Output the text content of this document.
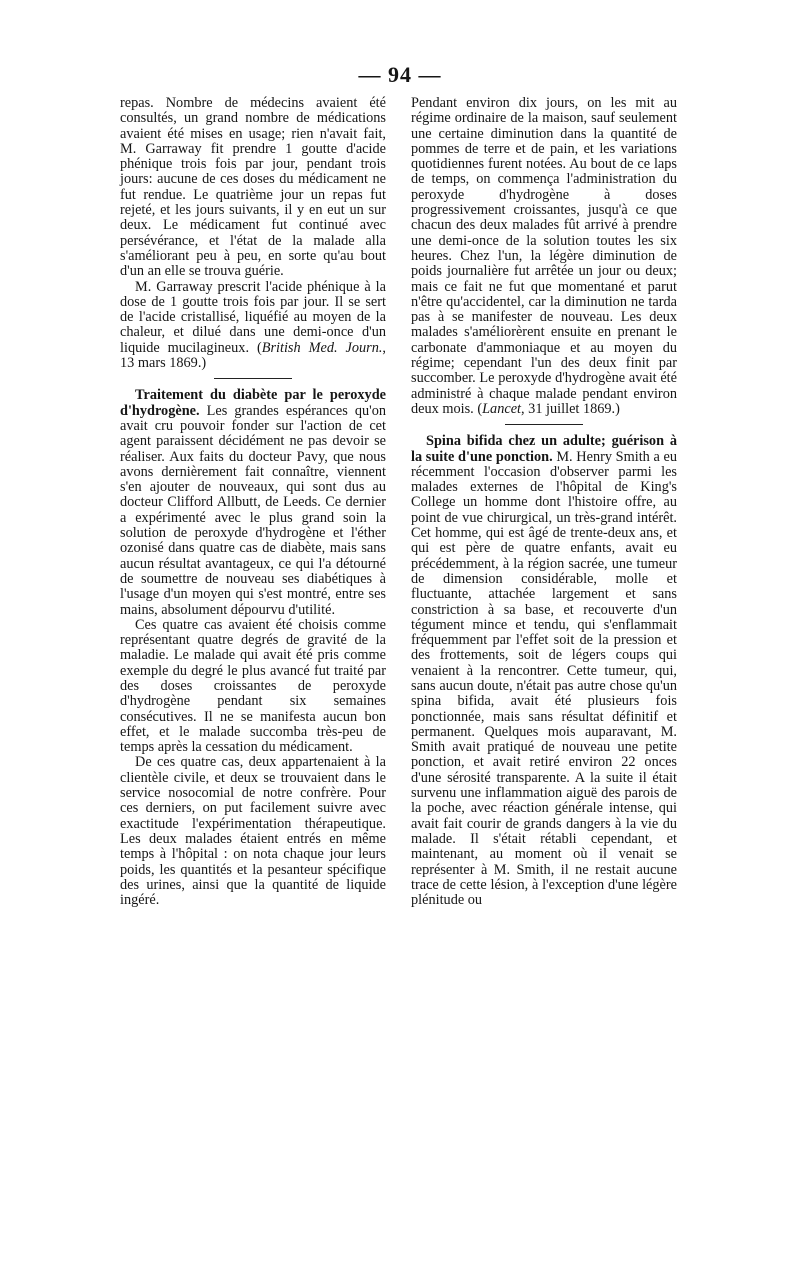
— 94 —

repas. Nombre de médecins avaient été consultés, un grand nombre de médications avaient été mises en usage; rien n'avait fait, M. Garraway fit prendre 1 goutte d'acide phénique trois fois par jour, pendant trois jours: aucune de ces doses du médicament ne fut rendue. Le quatrième jour un repas fut rejeté, et les jours suivants, il y en eut un sur deux. Le médicament fut continué avec persévérance, et l'état de la malade alla s'améliorant peu à peu, en sorte qu'au bout d'un an elle se trouva guérie.

M. Garraway prescrit l'acide phénique à la dose de 1 goutte trois fois par jour. Il se sert de l'acide cristallisé, liquéfié au moyen de la chaleur, et dilué dans une demi-once d'un liquide mucilagineux. (British Med. Journ., 13 mars 1869.)

Traitement du diabète par le peroxyde d'hydrogène. Les grandes espérances qu'on avait cru pouvoir fonder sur l'action de cet agent paraissent décidément ne pas devoir se réaliser. Aux faits du docteur Pavy, que nous avons dernièrement fait connaître, viennent s'en ajouter de nouveaux, qui sont dus au docteur Clifford Allbutt, de Leeds. Ce dernier a expérimenté avec le plus grand soin la solution de peroxyde d'hydrogène et l'éther ozonisé dans quatre cas de diabète, mais sans aucun résultat avantageux, ce qui l'a détourné de soumettre de nouveau ses diabétiques à l'usage d'un moyen qui s'est montré, entre ses mains, absolument dépourvu d'utilité.

Ces quatre cas avaient été choisis comme représentant quatre degrés de gravité de la maladie. Le malade qui avait été pris comme exemple du degré le plus avancé fut traité par des doses croissantes de peroxyde d'hydrogène pendant six semaines consécutives. Il ne se manifesta aucun bon effet, et le malade succomba très-peu de temps après la cessation du médicament.

De ces quatre cas, deux appartenaient à la clientèle civile, et deux se trouvaient dans le service nosocomial de notre confrère. Pour ces derniers, on put facilement suivre avec exactitude l'expérimentation thérapeutique. Les deux malades étaient entrés en même temps à l'hôpital : on nota chaque jour leurs poids, les quantités et la pesanteur spécifique des urines, ainsi que la quantité de liquide ingéré.

Pendant environ dix jours, on les mit au régime ordinaire de la maison, sauf seulement une certaine diminution dans la quantité de pommes de terre et de pain, et les variations quotidiennes furent notées. Au bout de ce laps de temps, on commença l'administration du peroxyde d'hydrogène à doses progressivement croissantes, jusqu'à ce que chacun des deux malades fût arrivé à prendre une demi-once de la solution toutes les six heures. Chez l'un, la légère diminution de poids journalière fut arrêtée un jour ou deux; mais ce fait ne fut que momentané et parut n'être qu'accidentel, car la diminution ne tarda pas à se manifester de nouveau. Les deux malades s'améliorèrent ensuite en prenant le carbonate d'ammoniaque et au moyen du régime; cependant l'un des deux finit par succomber. Le peroxyde d'hydrogène avait été administré à chaque malade pendant environ deux mois. (Lancet, 31 juillet 1869.)

Spina bifida chez un adulte; guérison à la suite d'une ponction. M. Henry Smith a eu récemment l'occasion d'observer parmi les malades externes de l'hôpital de King's College un homme dont l'histoire offre, au point de vue chirurgical, un très-grand intérêt. Cet homme, qui est âgé de trente-deux ans, et qui est père de quatre enfants, avait eu précédemment, à la région sacrée, une tumeur de dimension considérable, molle et fluctuante, attachée largement et sans constriction à sa base, et recouverte d'un tégument mince et tendu, qui s'enflammait fréquemment par l'effet soit de la pression et des frottements, soit de légers coups qui venaient à la rencontrer. Cette tumeur, qui, sans aucun doute, n'était pas autre chose qu'un spina bifida, avait été plusieurs fois ponctionnée, mais sans résultat définitif et permanent. Quelques mois auparavant, M. Smith avait pratiqué de nouveau une petite ponction, et avait retiré environ 22 onces d'une sérosité transparente. A la suite il était survenu une inflammation aiguë des parois de la poche, avec réaction générale intense, qui avait fait courir de grands dangers à la vie du malade. Il s'était rétabli cependant, et maintenant, au moment où il venait se représenter à M. Smith, il ne restait aucune trace de cette lésion, à l'exception d'une légère plénitude ou
